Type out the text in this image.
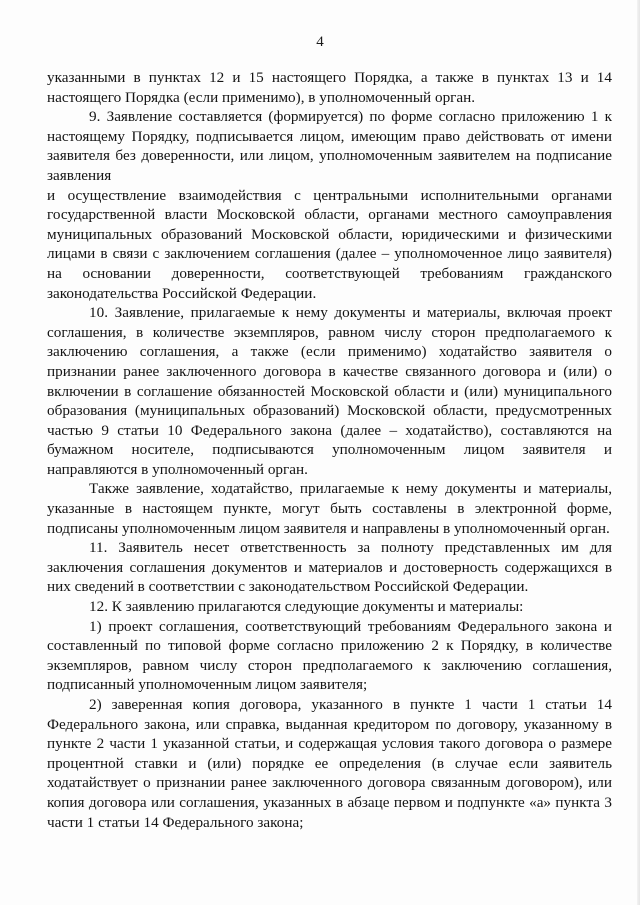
4

указанными в пунктах 12 и 15 настоящего Порядка, а также в пунктах 13 и 14 настоящего Порядка (если применимо), в уполномоченный орган.

9. Заявление составляется (формируется) по форме согласно приложению 1 к настоящему Порядку, подписывается лицом, имеющим право действовать от имени заявителя без доверенности, или лицом, уполномоченным заявителем на подписание заявления

и осуществление взаимодействия с центральными исполнительными органами государственной власти Московской области, органами местного самоуправления муниципальных образований Московской области, юридическими и физическими лицами в связи с заключением соглашения (далее – уполномоченное лицо заявителя) на основании доверенности, соответствующей требованиям гражданского законодательства Российской Федерации.

10. Заявление, прилагаемые к нему документы и материалы, включая проект соглашения, в количестве экземпляров, равном числу сторон предполагаемого к заключению соглашения, а также (если применимо) ходатайство заявителя о признании ранее заключенного договора в качестве связанного договора и (или) о включении в соглашение обязанностей Московской области и (или) муниципального образования (муниципальных образований) Московской области, предусмотренных частью 9 статьи 10 Федерального закона (далее – ходатайство), составляются на бумажном носителе, подписываются уполномоченным лицом заявителя и направляются в уполномоченный орган.

Также заявление, ходатайство, прилагаемые к нему документы и материалы, указанные в настоящем пункте, могут быть составлены в электронной форме, подписаны уполномоченным лицом заявителя и направлены в уполномоченный орган.

11. Заявитель несет ответственность за полноту представленных им для заключения соглашения документов и материалов и достоверность содержащихся в них сведений в соответствии с законодательством Российской Федерации.

12. К заявлению прилагаются следующие документы и материалы:

1) проект соглашения, соответствующий требованиям Федерального закона и составленный по типовой форме согласно приложению 2 к Порядку, в количестве экземпляров, равном числу сторон предполагаемого к заключению соглашения, подписанный уполномоченным лицом заявителя;

2) заверенная копия договора, указанного в пункте 1 части 1 статьи 14 Федерального закона, или справка, выданная кредитором по договору, указанному в пункте 2 части 1 указанной статьи, и содержащая условия такого договора о размере процентной ставки и (или) порядке ее определения (в случае если заявитель ходатайствует о признании ранее заключенного договора связанным договором), или копия договора или соглашения, указанных в абзаце первом и подпункте «а» пункта 3 части 1 статьи 14 Федерального закона;
